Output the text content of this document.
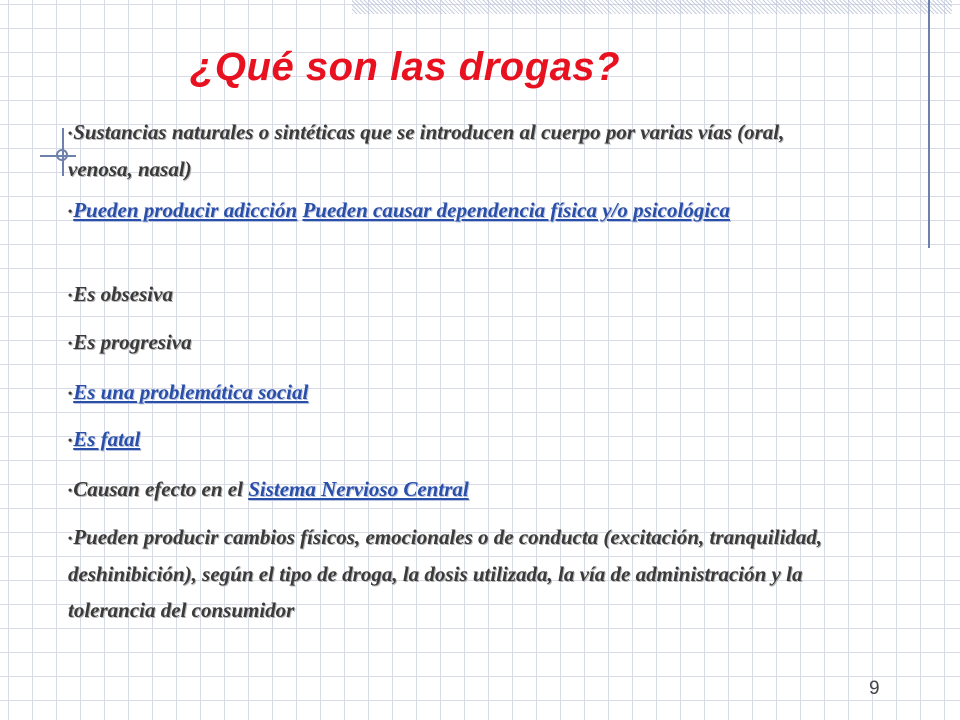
¿Qué son las drogas?

•Sustancias naturales o sintéticas que se introducen al cuerpo por varias vías (oral, venosa, nasal)

•Pueden producir adicción Pueden causar dependencia física y/o psicológica

•Es obsesiva

•Es progresiva

•Es una problemática social

•Es fatal

•Causan efecto en el Sistema Nervioso Central

•Pueden producir cambios físicos, emocionales o de conducta (excitación, tranquilidad, deshinibición), según el tipo de droga, la dosis utilizada, la vía de administración y la tolerancia del consumidor

9
